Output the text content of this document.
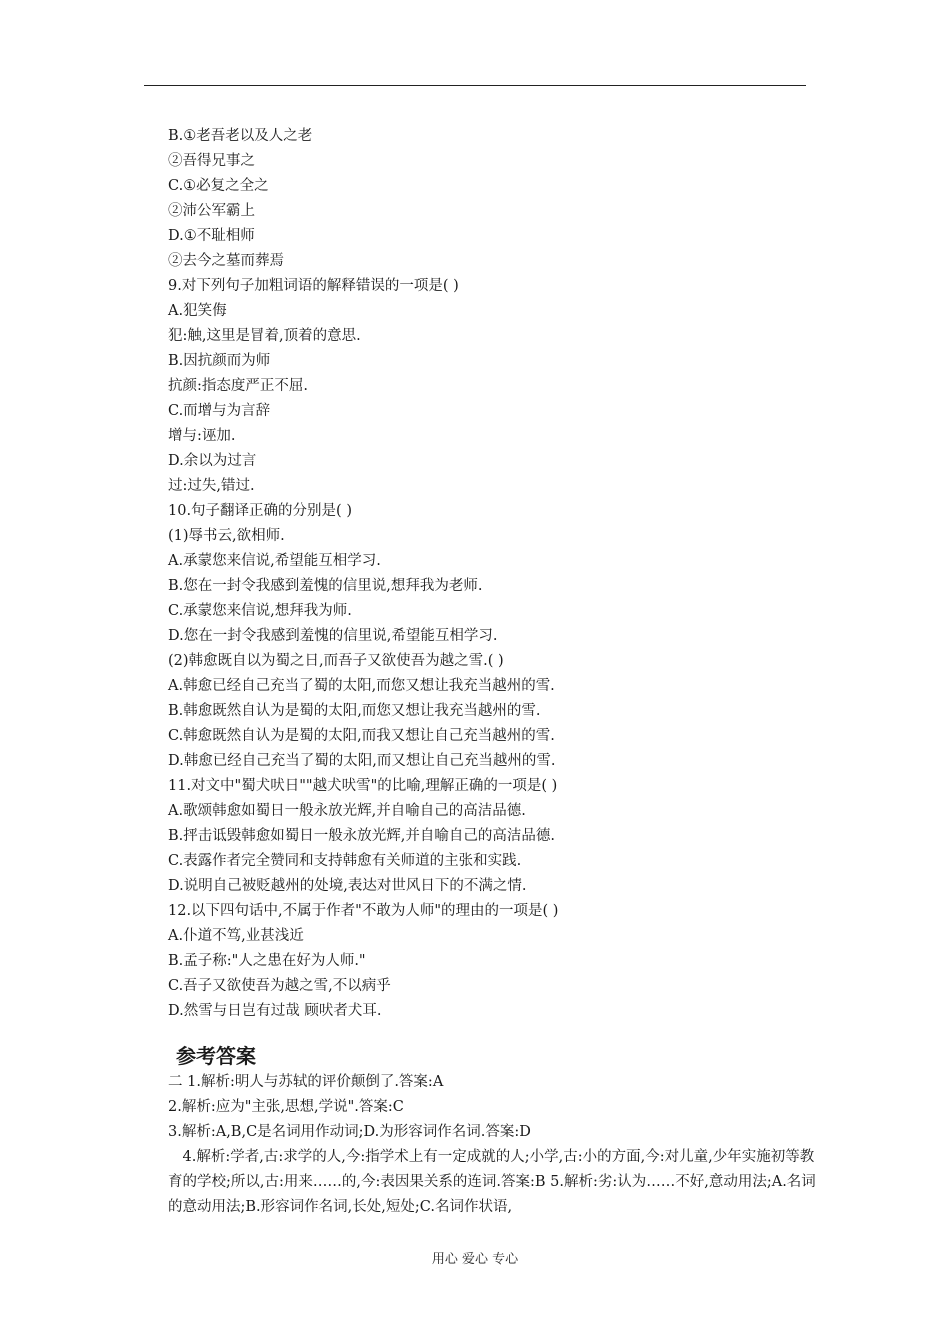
B.①老吾老以及人之老
②吾得兄事之
C.①必复之全之
②沛公军霸上
D.①不耻相师
②去今之墓而葬焉
9.对下列句子加粗词语的解释错误的一项是( )
A.犯笑侮
犯:触,这里是冒着,顶着的意思.
B.因抗颜而为师
抗颜:指态度严正不屈.
C.而增与为言辞
增与:诬加.
D.余以为过言
过:过失,错过.
10.句子翻译正确的分别是( )
(1)辱书云,欲相师.
A.承蒙您来信说,希望能互相学习.
B.您在一封令我感到羞愧的信里说,想拜我为老师.
C.承蒙您来信说,想拜我为师.
D.您在一封令我感到羞愧的信里说,希望能互相学习.
(2)韩愈既自以为蜀之日,而吾子又欲使吾为越之雪.( )
A.韩愈已经自己充当了蜀的太阳,而您又想让我充当越州的雪.
B.韩愈既然自认为是蜀的太阳,而您又想让我充当越州的雪.
C.韩愈既然自认为是蜀的太阳,而我又想让自己充当越州的雪.
D.韩愈已经自己充当了蜀的太阳,而又想让自己充当越州的雪.
11.对文中"蜀犬吠日""越犬吠雪"的比喻,理解正确的一项是( )
A.歌颂韩愈如蜀日一般永放光辉,并自喻自己的高洁品德.
B.抨击诋毁韩愈如蜀日一般永放光辉,并自喻自己的高洁品德.
C.表露作者完全赞同和支持韩愈有关师道的主张和实践.
D.说明自己被贬越州的处境,表达对世风日下的不满之情.
12.以下四句话中,不属于作者"不敢为人师"的理由的一项是( )
A.仆道不笃,业甚浅近
B.孟子称:"人之患在好为人师."
C.吾子又欲使吾为越之雪,不以病乎
D.然雪与日岂有过哉 顾吠者犬耳.
参考答案
二 1.解析:明人与苏轼的评价颠倒了.答案:A
2.解析:应为"主张,思想,学说".答案:C
3.解析:A,B,C是名词用作动词;D.为形容词作名词.答案:D
4.解析:学者,古:求学的人,今:指学术上有一定成就的人;小学,古:小的方面,今:对儿童,少年实施初等教育的学校;所以,古:用来……的,今:表因果关系的连词.答案:B 5.解析:劣:认为……不好,意动用法;A.名词的意动用法;B.形容词作名词,长处,短处;C.名词作状语,
用心 爱心 专心
